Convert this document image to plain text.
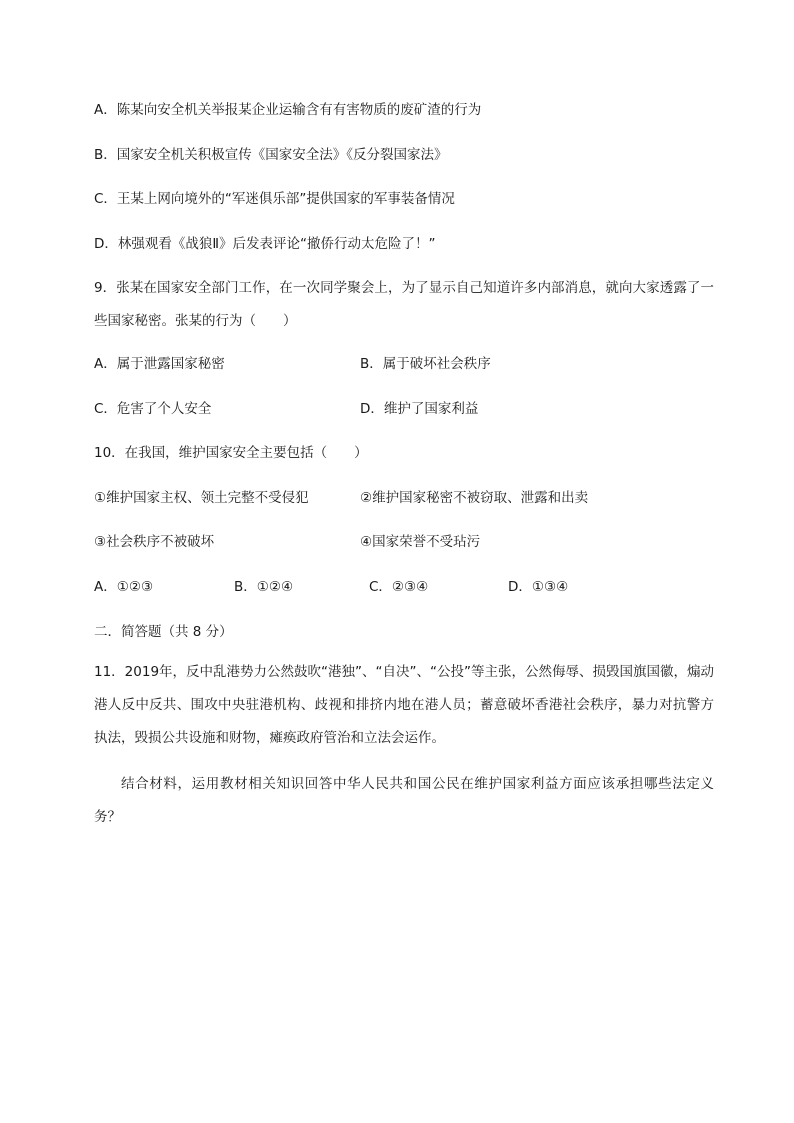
A．陈某向安全机关举报某企业运输含有有害物质的废矿渣的行为
B．国家安全机关积极宣传《国家安全法》《反分裂国家法》
C．王某上网向境外的“军迷俱乐部”提供国家的军事装备情况
D．林强观看《战狼Ⅱ》后发表评论“撤侨行动太危险了！”
9．张某在国家安全部门工作，在一次同学聚会上，为了显示自己知道许多内部消息，就向大家透露了一些国家秘密。张某的行为（　　）
A．属于泄露国家秘密	B．属于破坏社会秩序
C．危害了个人安全	D．维护了国家利益
10．在我国，维护国家安全主要包括（　　）
①维护国家主权、领土完整不受侵犯	②维护国家秘密不被窃取、泄露和出卖
③社会秩序不被破坏	④国家荣誉不受玷污
A．①②③	B．①②④	C．②③④	D．①③④
二．简答题（共 8 分）
11．2019年，反中乱港势力公然鼓吹“港独”、“自决”、“公投”等主张，公然侮辱、损毁国旗国徽，煽动港人反中反共、围攻中央驻港机构、歧视和排挤内地在港人员；蓄意破坏香港社会秩序，暴力对抗警方执法，毁损公共设施和财物，瘫痪政府管治和立法会运作。
结合材料，运用教材相关知识回答中华人民共和国公民在维护国家利益方面应该承担哪些法定义务？
